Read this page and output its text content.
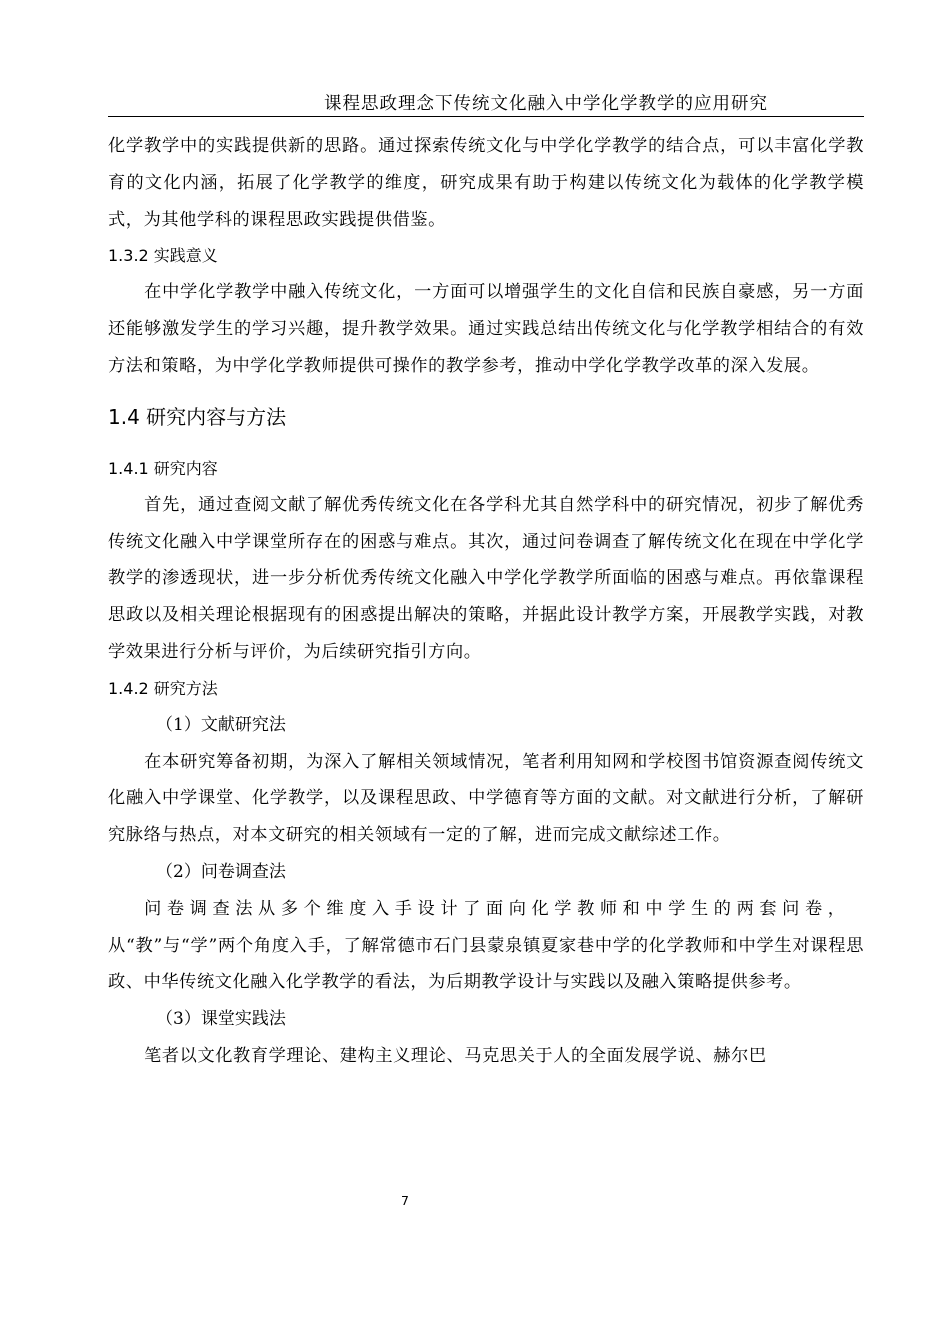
课程思政理念下传统文化融入中学化学教学的应用研究

化学教学中的实践提供新的思路。通过探索传统文化与中学化学教学的结合点，可以丰富化学教育的文化内涵，拓展了化学教学的维度，研究成果有助于构建以传统文化为载体的化学教学模式，为其他学科的课程思政实践提供借鉴。

1.3.2 实践意义

在中学化学教学中融入传统文化，一方面可以增强学生的文化自信和民族自豪感，另一方面还能够激发学生的学习兴趣，提升教学效果。通过实践总结出传统文化与化学教学相结合的有效方法和策略，为中学化学教师提供可操作的教学参考，推动中学化学教学改革的深入发展。

1.4 研究内容与方法
1.4.1 研究内容

首先，通过查阅文献了解优秀传统文化在各学科尤其自然学科中的研究情况，初步了解优秀传统文化融入中学课堂所存在的困惑与难点。其次，通过问卷调查了解传统文化在现在中学化学教学的渗透现状，进一步分析优秀传统文化融入中学化学教学所面临的困惑与难点。再依靠课程思政以及相关理论根据现有的困惑提出解决的策略，并据此设计教学方案，开展教学实践，对教学效果进行分析与评价，为后续研究指引方向。

1.4.2 研究方法
（1）文献研究法

在本研究筹备初期，为深入了解相关领域情况，笔者利用知网和学校图书馆资源查阅传统文化融入中学课堂、化学教学，以及课程思政、中学德育等方面的文献。对文献进行分析，了解研究脉络与热点，对本文研究的相关领域有一定的了解，进而完成文献综述工作。

（2）问卷调查法

问卷调查法从多个维度入手设计了面向化学教师和中学生的两套问卷，

从“教”与“学”两个角度入手，了解常德市石门县蒙泉镇夏家巷中学的化学教师和中学生对课程思政、中华传统文化融入化学教学的看法，为后期教学设计与实践以及融入策略提供参考。

（3）课堂实践法

笔者以文化教育学理论、建构主义理论、马克思关于人的全面发展学说、赫尔巴

7
